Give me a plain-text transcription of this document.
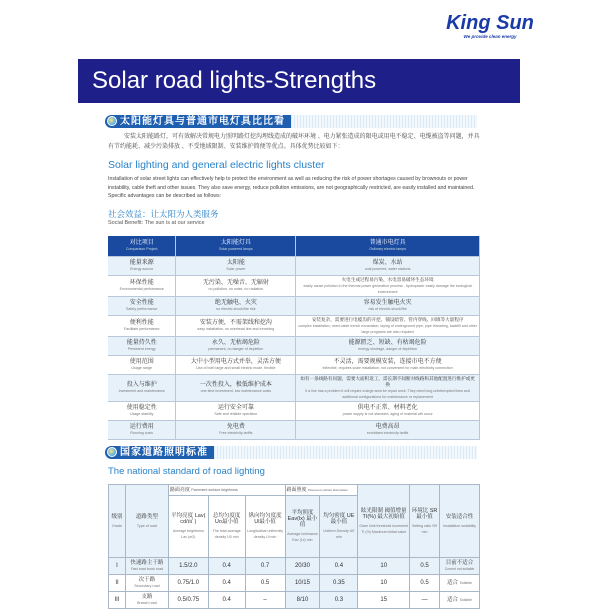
King Sun
We provide clean energy
Solar road lights-Strengths
太阳能灯具与普通市电灯具比比看
安装太阳能路灯，可有效解决常规电力照明路灯挖沟埋线造成的破坏环境 、电力紧张造成的限电或用电不稳定、电缆被盗等问题，并具有节约能耗、减少污染排放 、不受地域限制、安装维护简便等优点。具体优势比较如下：
Solar lighting and general electric lights cluster
Installation of solar street lights can effectively help to protect the environment as well as reducing the risk of power shortages caused by brownouts or power instability, cable theft and other issues. They also save energy, reduce pollution emissions, are not geographically restricted, are easily installed and maintained. Specific advantages can be described as follows:
社会效益：让太阳为人类服务
Social Benefit: The sun is at our service
对比项目
Comparison Project	太阳能灯具
Solar powered lamps	普通市电灯具
Ordinary electric lamps

能量来源
Energy source	太阳能
Solar power	煤炭、水站
coal powered, water stations

环保性能
Environmental performance	无污染、无噪音、无辐射
no pollution, no noise, no radiation	火电生成过程易污染、水电容易破坏生态环境
easily cause pollution in the thermal power generation process , hydropower easily damage the ecological environment

安全性能
Safety performance	绝无触电、火灾
no electric shock/fire risk	容易发生触电火灾
risk of electric shock/fire

便利性能
Facilitate performance	安装方便，不需架线和挖沟
easy installation, no overhead line and trenching	安装复杂，需要进行电缆沟的开挖、铺设暗管、管内穿线、回填等大量程序
complex installation, need cable trench excavation, laying of underground pipe, pipe threading, backfill and other large programs are also required

能量持久性
Persistent energy	永久、无枯竭危险
permanent, no danger of depletion	能源匮乏、短缺、有枯竭危险
energy shortage, danger of depletion

使用范围
Usage range	大中小型用电方式并举，灵活方便
Use of both large and small electric mode, flexible	不灵活，需要规模安装，连接市电不方便
inflexible, requires scale installation, not convenient for main electricity connection

投入与维护
Investment and maintenance	一次性投入，极低维护成本
one time investment, low maintenance costs	如有一条线路有问题，需要大面积返工，需长期不间断对线路和其他配置进行维护或更换
if a line has a problem it will require a large area for repair work. They need long uninterrupted lines and additional configurations for maintenance or replacement

使用稳定性
Usage stability	运行安全可靠
Safe and reliable operation	供电不正常、材料老化
power supply is not standard, aging of material will occur

运行费用
Running costs	免电费
Free electricity tariffs	电费高昂
exorbitant electricity tariffs
国家道路照明标准
The national standard of road lighting
级别
Grade	道路类型
Type of road	路面亮度 Pavement surface brightness			路面照度 Pavement surface illumination		眩光限制 阈值增量TI(%) 最大初始值
Glare limit threshold increment TI (%) Maximum initial value	环境比 SR最小值
Setting ratio SR min	安装适合性
Installation suitability

		平均亮度 Lav( cd/㎡ )
Average brightness Lav (m2)	总均匀度度 Uo最小值
The total average density U0 min	纵向均匀度度 Ul最小值
Longitudinal uniformity density Ul min	平均照度 Eav(lx) 最小值
Average luminance Eav (1x) min	均匀密度 UE最小值
Uniform Density UE min			

I	快速路主干路
Fast road trunk road	1.5/2.0	0.4	0.7	20/30	0.4	10	0.5	目前不适合 Current not suitable
II	次干路
Secondary road	0.75/1.0	0.4	0.5	10/15	0.35	10	0.5	适合 Suitable
III	支路
Branch road	0.5/0.75	0.4	–	8/10	0.3	15	—	适合 Suitable
